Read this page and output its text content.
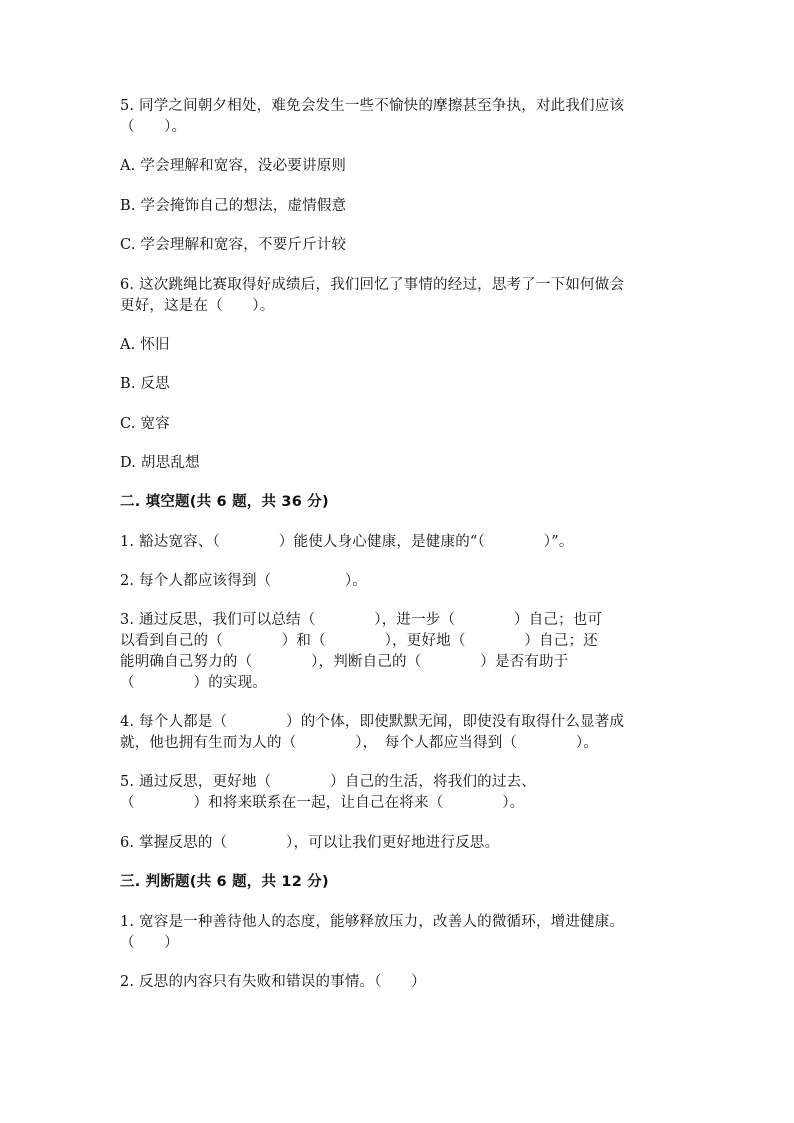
5. 同学之间朝夕相处，难免会发生一些不愉快的摩擦甚至争执，对此我们应该
（　　）。
A. 学会理解和宽容，没必要讲原则
B. 学会掩饰自己的想法，虚情假意
C. 学会理解和宽容，不要斤斤计较
6. 这次跳绳比赛取得好成绩后，我们回忆了事情的经过，思考了一下如何做会
更好，这是在（　　）。
A. 怀旧
B. 反思
C. 宽容
D. 胡思乱想
二. 填空题(共 6 题，共 36 分)
1. 豁达宽容、（　　　　）能使人身心健康，是健康的“（　　　　）”。
2. 每个人都应该得到（　　　　　）。
3. 通过反思，我们可以总结（　　　　），进一步（　　　　）自己；也可
以看到自己的（　　　　）和（　　　　），更好地（　　　　）自己；还
能明确自己努力的（　　　　），判断自己的（　　　　）是否有助于
（　　　　）的实现。
4. 每个人都是（　　　　）的个体，即使默默无闻，即使没有取得什么显著成
就，他也拥有生而为人的（　　　　），　每个人都应当得到（　　　　）。
5. 通过反思，更好地（　　　　）自己的生活，将我们的过去、
（　　　　）和将来联系在一起，让自己在将来（　　　　）。
6. 掌握反思的（　　　　），可以让我们更好地进行反思。
三. 判断题(共 6 题，共 12 分)
1. 宽容是一种善待他人的态度，能够释放压力，改善人的微循环，增进健康。
（　　）
2. 反思的内容只有失败和错误的事情。（　　）
